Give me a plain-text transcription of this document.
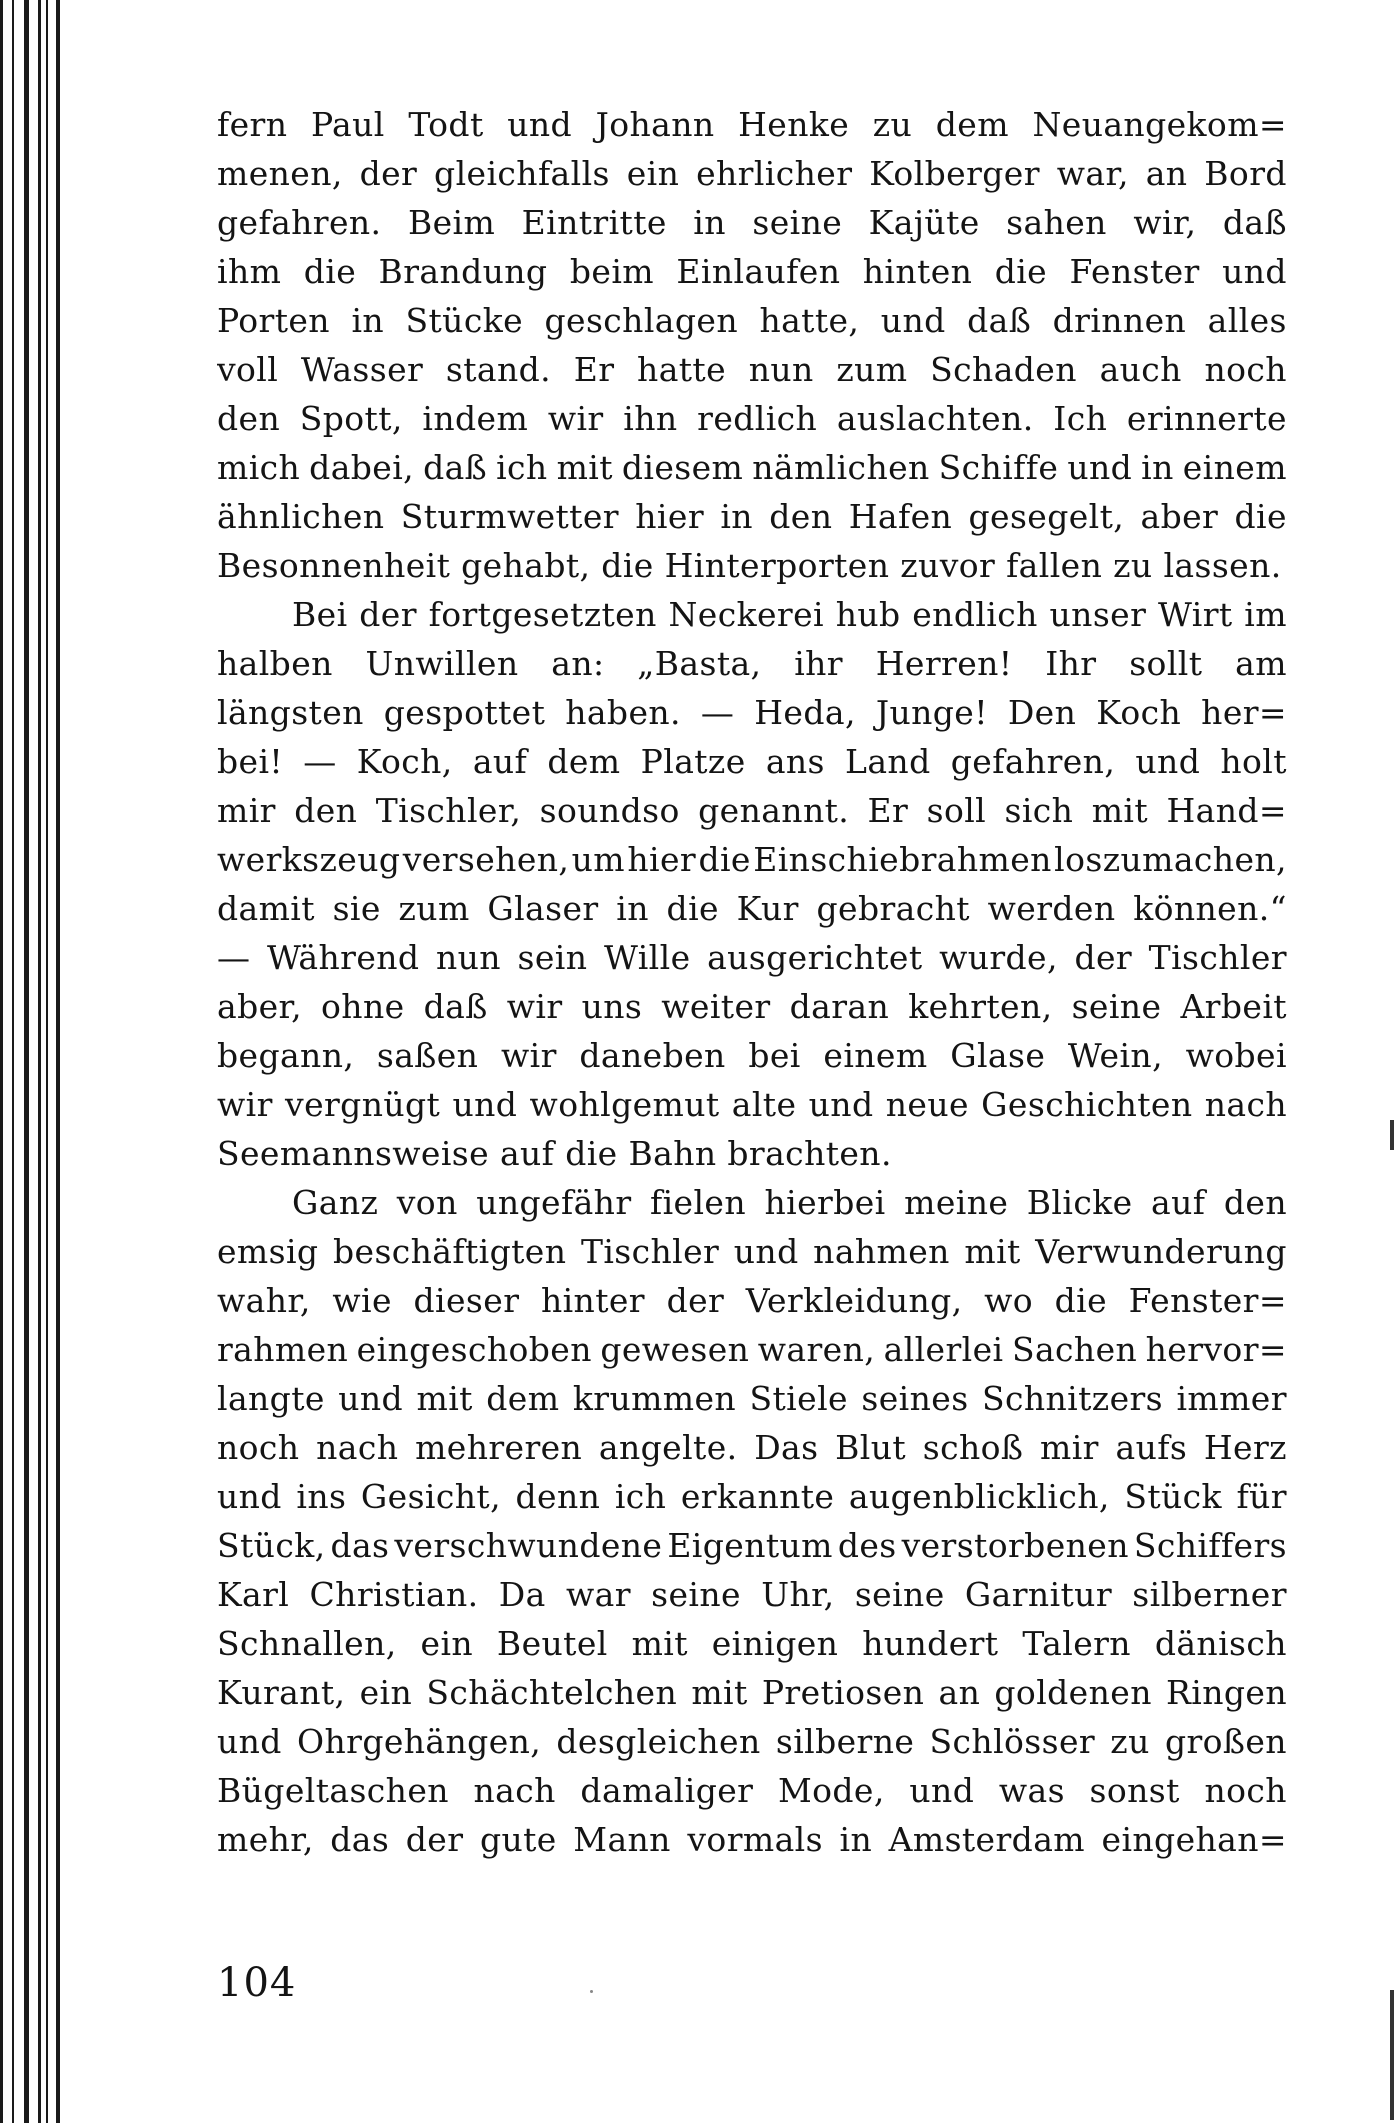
fern Paul Todt und Johann Henke zu dem Neuangekom=
menen, der gleichfalls ein ehrlicher Kolberger war, an Bord
gefahren. Beim Eintritte in seine Kajüte sahen wir, daß
ihm die Brandung beim Einlaufen hinten die Fenster und
Porten in Stücke geschlagen hatte, und daß drinnen alles
voll Wasser stand. Er hatte nun zum Schaden auch noch
den Spott, indem wir ihn redlich auslachten. Ich erinnerte
mich dabei, daß ich mit diesem nämlichen Schiffe und in einem
ähnlichen Sturmwetter hier in den Hafen gesegelt, aber die
Besonnenheit gehabt, die Hinterporten zuvor fallen zu lassen.
Bei der fortgesetzten Neckerei hub endlich unser Wirt im
halben Unwillen an: „Basta, ihr Herren! Ihr sollt am
längsten gespottet haben. — Heda, Junge! Den Koch her=
bei! — Koch, auf dem Platze ans Land gefahren, und holt
mir den Tischler, soundso genannt. Er soll sich mit Hand=
werkszeug versehen, um hier die Einschiebrahmen loszumachen,
damit sie zum Glaser in die Kur gebracht werden können.“
— Während nun sein Wille ausgerichtet wurde, der Tischler
aber, ohne daß wir uns weiter daran kehrten, seine Arbeit
begann, saßen wir daneben bei einem Glase Wein, wobei
wir vergnügt und wohlgemut alte und neue Geschichten nach
Seemannsweise auf die Bahn brachten.
Ganz von ungefähr fielen hierbei meine Blicke auf den
emsig beschäftigten Tischler und nahmen mit Verwunderung
wahr, wie dieser hinter der Verkleidung, wo die Fenster=
rahmen eingeschoben gewesen waren, allerlei Sachen hervor=
langte und mit dem krummen Stiele seines Schnitzers immer
noch nach mehreren angelte. Das Blut schoß mir aufs Herz
und ins Gesicht, denn ich erkannte augenblicklich, Stück für
Stück, das verschwundene Eigentum des verstorbenen Schiffers
Karl Christian. Da war seine Uhr, seine Garnitur silberner
Schnallen, ein Beutel mit einigen hundert Talern dänisch
Kurant, ein Schächtelchen mit Pretiosen an goldenen Ringen
und Ohrgehängen, desgleichen silberne Schlösser zu großen
Bügeltaschen nach damaliger Mode, und was sonst noch
mehr, das der gute Mann vormals in Amsterdam eingehan=
104
